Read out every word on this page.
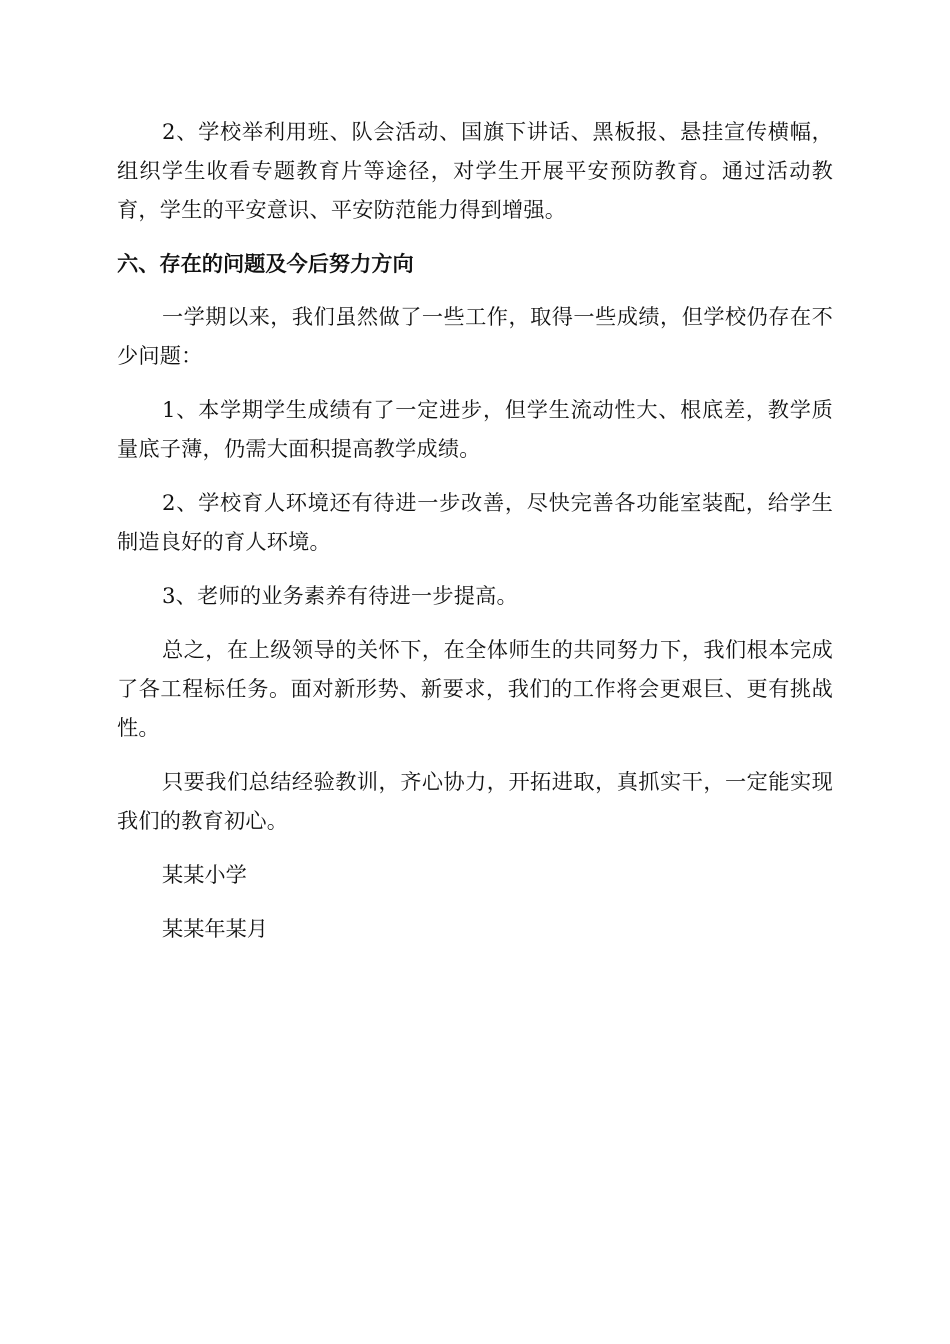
2、学校举利用班、队会活动、国旗下讲话、黑板报、悬挂宣传横幅，组织学生收看专题教育片等途径，对学生开展平安预防教育。通过活动教育，学生的平安意识、平安防范能力得到增强。

六、存在的问题及今后努力方向

一学期以来，我们虽然做了一些工作，取得一些成绩，但学校仍存在不少问题：

1、本学期学生成绩有了一定进步，但学生流动性大、根底差，教学质量底子薄，仍需大面积提高教学成绩。

2、学校育人环境还有待进一步改善，尽快完善各功能室装配，给学生制造良好的育人环境。

3、老师的业务素养有待进一步提高。

总之，在上级领导的关怀下，在全体师生的共同努力下，我们根本完成了各工程标任务。面对新形势、新要求，我们的工作将会更艰巨、更有挑战性。

只要我们总结经验教训，齐心协力，开拓进取，真抓实干，一定能实现我们的教育初心。

某某小学

某某年某月
